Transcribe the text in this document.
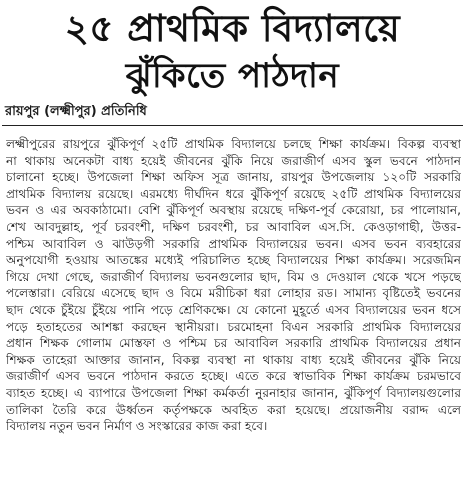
২৫ প্রাথমিক বিদ্যালয়ে
ঝুঁকিতে পাঠদান
রায়পুর (লক্ষ্মীপুর) প্রতিনিধি
লক্ষ্মীপুরের রায়পুরে ঝুঁকিপূর্ণ ২৫টি প্রাথমিক বিদ্যালয়ে চলছে শিক্ষা কার্যক্রম। বিকল্প ব্যবস্থা
না থাকায় অনেকটা বাধ্য হয়েই জীবনের ঝুঁকি নিয়ে জরাজীর্ণ এসব স্কুল ভবনে পাঠদান
চালানো হচ্ছে। উপজেলা শিক্ষা অফিস সূত্র জানায়, রায়পুর উপজেলায় ১২০টি সরকারি
প্রাথমিক বিদ্যালয় রয়েছে। এরমধ্যে দীর্ঘদিন ধরে ঝুঁকিপূর্ণ রয়েছে ২৫টি প্রাথমিক বিদ্যালয়ের
ভবন ও এর অবকাঠামো। বেশি ঝুঁকিপূর্ণ অবস্থায় রয়েছে দক্ষিণ-পূর্ব কেরোয়া, চর পালোয়ান,
শেখ আবদুল্লাহ, পূর্ব চরবংশী, দক্ষিণ চরবংশী, চর আবাবিল এস.সি. কেওড়াগাছী, উত্তর-
পশ্চিম আবাবিল ও ঝাউড়গী সরকারি প্রাথমিক বিদ্যালয়ের ভবন। এসব ভবন ব্যবহারের
অনুপযোগী হওয়ায় আতঙ্কের মধ্যেই পরিচালিত হচ্ছে বিদ্যালয়ের শিক্ষা কার্যক্রম। সরেজমিন
গিয়ে দেখা গেছে, জরাজীর্ণ বিদ্যালয় ভবনগুলোর ছাদ, বিম ও দেওয়াল থেকে খসে পড়ছে
পলেস্তারা। বেরিয়ে এসেছে ছাদ ও বিমে মরীচিকা ধরা লোহার রড। সামান্য বৃষ্টিতেই ভবনের
ছাদ থেকে চুঁইয়ে চুঁইয়ে পানি পড়ে শ্রেণিকক্ষে। যে কোনো মুহূর্তে এসব বিদ্যালয়ের ভবন ধসে
পড়ে হতাহতের আশঙ্কা করছেন স্থানীয়রা। চরমোহনা বিএন সরকারি প্রাথমিক বিদ্যালয়ের
প্রধান শিক্ষক গোলাম মোস্তফা ও পশ্চিম চর আবাবিল সরকারি প্রাথমিক বিদ্যালয়ের প্রধান
শিক্ষক তাহেরা আক্তার জানান, বিকল্প ব্যবস্থা না থাকায় বাধ্য হয়েই জীবনের ঝুঁকি নিয়ে
জরাজীর্ণ এসব ভবনে পাঠদান করতে হচ্ছে। এতে করে স্বাভাবিক শিক্ষা কার্যক্রম চরমভাবে
ব্যাহত হচ্ছে। এ ব্যাপারে উপজেলা শিক্ষা কর্মকর্তা নুরনাহার জানান, ঝুঁকিপূর্ণ বিদ্যালয়গুলোর
তালিকা তৈরি করে ঊর্ধ্বতন কর্তৃপক্ষকে অবহিত করা হয়েছে। প্রয়োজনীয় বরাদ্দ এলে
বিদ্যালয় নতুন ভবন নির্মাণ ও সংস্কারের কাজ করা হবে।
